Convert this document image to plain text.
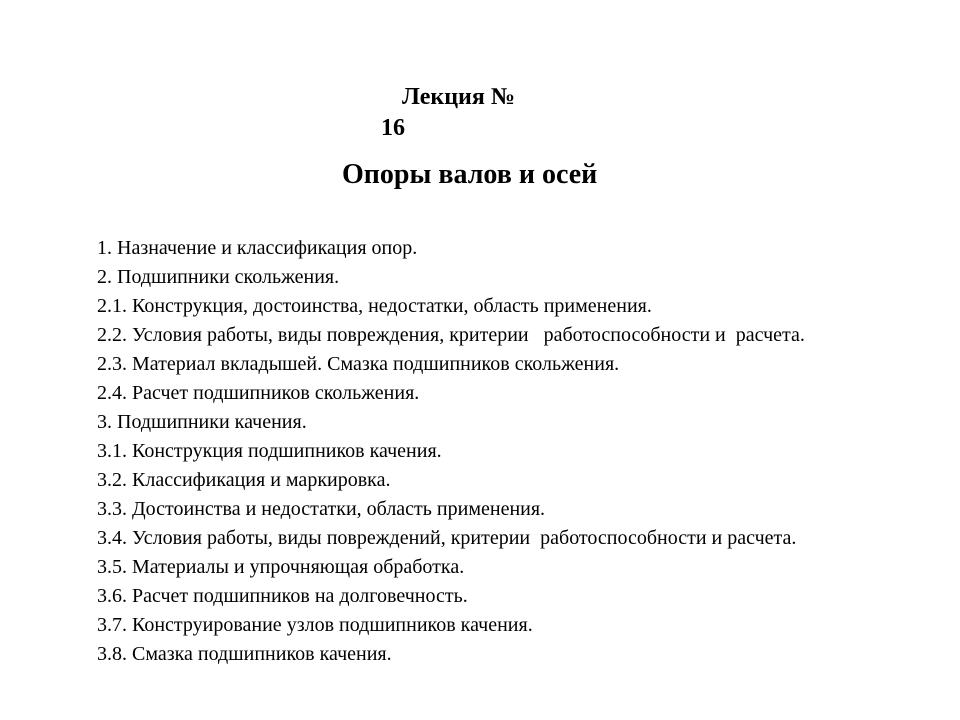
Лекция №
16
Опоры валов и осей
1. Назначение и классификация опор.
2. Подшипники скольжения.
2.1. Конструкция, достоинства, недостатки, область применения.
2.2. Условия работы, виды повреждения, критерии   работоспособности и  расчета.
2.3. Материал вкладышей. Смазка подшипников скольжения.
2.4. Расчет подшипников скольжения.
3. Подшипники качения.
3.1. Конструкция подшипников качения.
3.2. Классификация и маркировка.
3.3. Достоинства и недостатки, область применения.
3.4. Условия работы, виды повреждений, критерии  работоспособности и расчета.
3.5. Материалы и упрочняющая обработка.
3.6. Расчет подшипников на долговечность.
3.7. Конструирование узлов подшипников качения.
3.8. Смазка подшипников качения.
